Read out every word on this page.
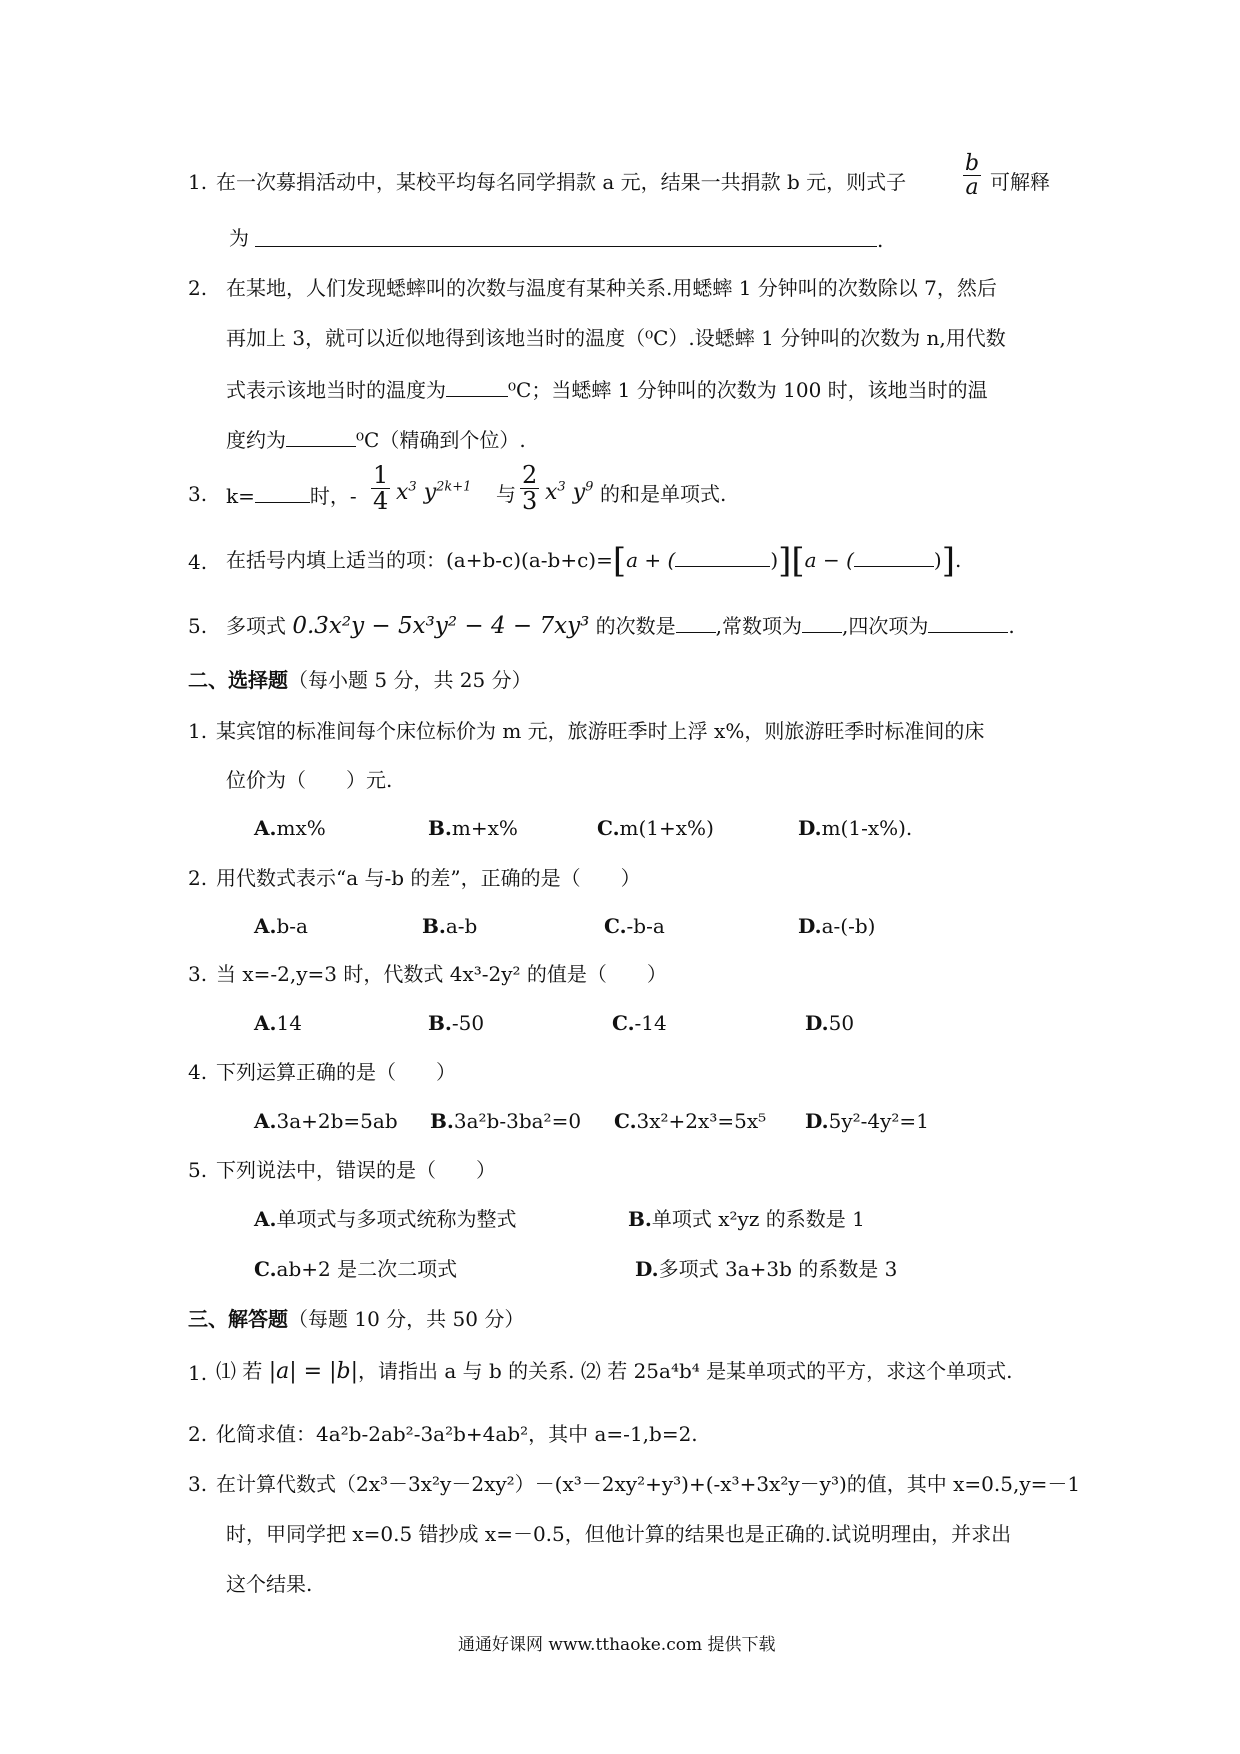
1. 在一次募捐活动中，某校平均每名同学捐款 a 元，结果一共捐款 b 元，则式子	$\frac{b}{a}$ 可解释
为	.
2. 在某地，人们发现蟋蟀叫的次数与温度有某种关系.用蟋蟀 1 分钟叫的次数除以 7，然后
再加上 3，就可以近似地得到该地当时的温度（⁰C）.设蟋蟀 1 分钟叫的次数为 n,用代数
式表示该地当时的温度为	⁰C；当蟋蟀 1 分钟叫的次数为 100 时，该地当时的温
度约为	⁰C（精确到个位）.
3. k=	时，- $\frac{1}{4} x^3$ $y^{2k+1}$ 与 $\frac{2}{3} x^3$ $y^9$ 的和是单项式.
4. 在括号内填上适当的项：(a+b-c)(a-b+c)=[a + (	)][a − (	)].
5. 多项式 0.3x²y − 5x³y² − 4 − 7xy³ 的次数是 ,常数项为 ,四次项为	.
二、选择题（每小题 5 分，共 25 分）
1. 某宾馆的标准间每个床位标价为 m 元，旅游旺季时上浮 x%，则旅游旺季时标准间的床
位价为（　　）元.
A.mx%	B.m+x%	C.m(1+x%)	D.m(1-x%).
2. 用代数式表示“a 与-b 的差”，正确的是（　　）
A.b-a	B.a-b	C.-b-a	D.a-(-b)
3. 当 x=-2,y=3 时，代数式 4x³-2y² 的值是（　　）
A.14	B.-50	C.-14	D.50
4. 下列运算正确的是（　　）
A.3a+2b=5ab B.3a²b-3ba²=0 C.3x²+2x³=5x⁵ D.5y²-4y²=1
5. 下列说法中，错误的是（　　）
A.单项式与多项式统称为整式	B.单项式 x²yz 的系数是 1
C.ab+2 是二次二项式	D.多项式 3a+3b 的系数是 3
三、解答题（每题 10 分，共 50 分）
1. ⑴ 若 |a| = |b|，请指出 a 与 b 的关系. ⑵ 若 25a⁴b⁴ 是某单项式的平方，求这个单项式.
2. 化简求值：4a²b-2ab²-3a²b+4ab²，其中 a=-1,b=2.
3. 在计算代数式（2x³－3x²y－2xy²）－(x³－2xy²+y³)+(-x³+3x²y－y³)的值，其中 x=0.5,y=－1
时，甲同学把 x=0.5 错抄成 x=－0.5，但他计算的结果也是正确的.试说明理由，并求出
这个结果.
通通好课网 www.tthaoke.com 提供下载
